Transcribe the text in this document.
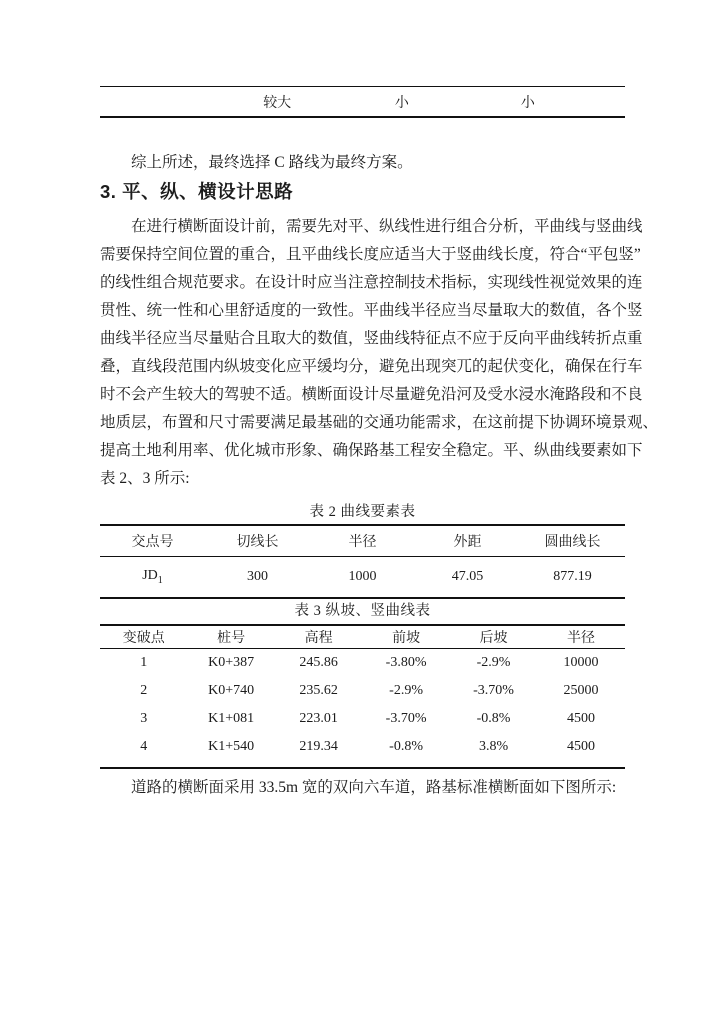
较大	小	小
综上所述，最终选择 C 路线为最终方案。
3. 平、纵、横设计思路
在进行横断面设计前，需要先对平、纵线性进行组合分析，平曲线与竖曲线
需要保持空间位置的重合，且平曲线长度应适当大于竖曲线长度，符合“平包竖”
的线性组合规范要求。在设计时应当注意控制技术指标，实现线性视觉效果的连
贯性、统一性和心里舒适度的一致性。平曲线半径应当尽量取大的数值，各个竖
曲线半径应当尽量贴合且取大的数值，竖曲线特征点不应于反向平曲线转折点重
叠，直线段范围内纵坡变化应平缓均分，避免出现突兀的起伏变化，确保在行车
时不会产生较大的驾驶不适。横断面设计尽量避免沿河及受水浸水淹路段和不良
地质层，布置和尺寸需要满足最基础的交通功能需求，在这前提下协调环境景观、
提高土地利用率、优化城市形象、确保路基工程安全稳定。平、纵曲线要素如下
表 2、3 所示:
表 2 曲线要素表
交点号	切线长	半径	外距	圆曲线长
$JD_1$	300	1000	47.05	877.19
表 3 纵坡、竖曲线表
变破点	桩号	高程	前坡	后坡	半径
1	K0+387	245.86	-3.80%	-2.9%	10000
2	K0+740	235.62	-2.9%	-3.70%	25000
3	K1+081	223.01	-3.70%	-0.8%	4500
4	K1+540	219.34	-0.8%	3.8%	4500
道路的横断面采用 33.5m 宽的双向六车道，路基标准横断面如下图所示:
